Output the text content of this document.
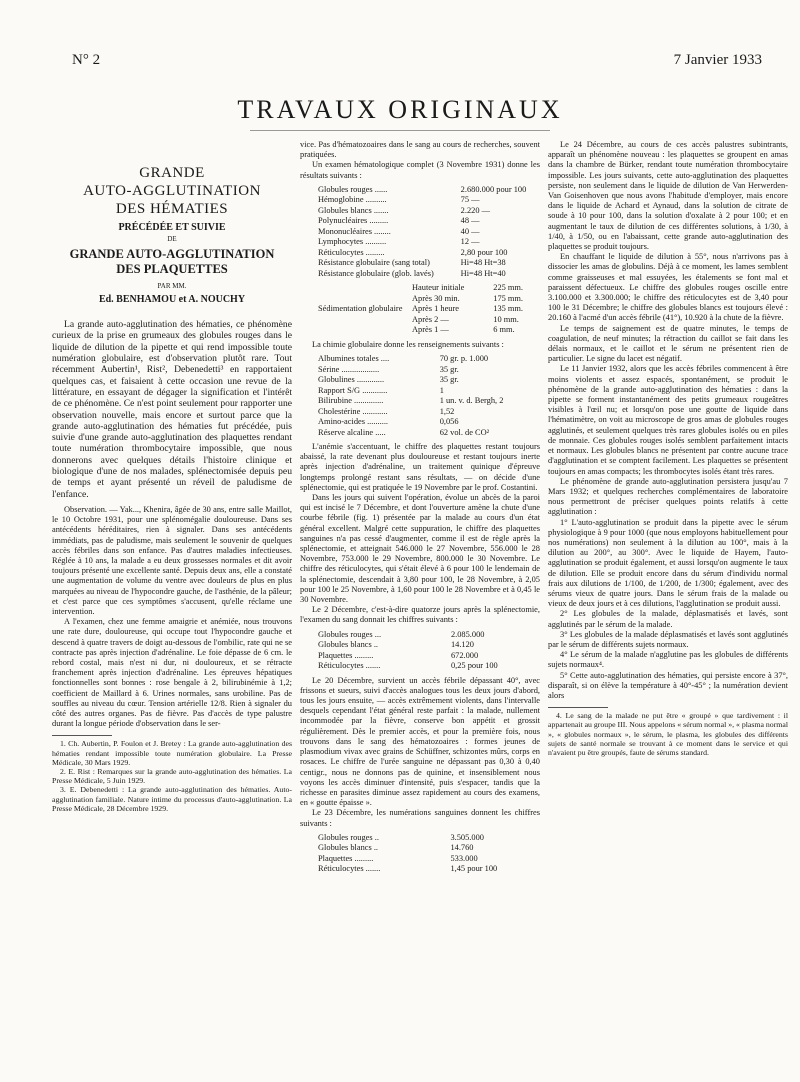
N° 2	7 Janvier 1933
TRAVAUX ORIGINAUX
GRANDE
AUTO-AGGLUTINATION
DES HÉMATIES
PRÉCÉDÉE ET SUIVIE
DE
GRANDE AUTO-AGGLUTINATION
DES PLAQUETTES
PAR MM.
Ed. BENHAMOU et A. NOUCHY

La grande auto-agglutination des hématies, ce phénomène curieux de la prise en grumeaux des globules rouges dans le liquide de dilution de la pipette et qui rend impossible toute numération globulaire, est d'observation plutôt rare. Tout récemment Aubertin¹, Rist², Debenedetti³ en rapportaient quelques cas, et faisaient à cette occasion une revue de la littérature, en essayant de dégager la signification et l'intérêt de ce phénomène. Ce n'est point seulement pour rapporter une observation nouvelle, mais encore et surtout parce que la grande auto-agglutination des hématies fut précédée, puis suivie d'une grande auto-agglutination des plaquettes rendant toute numération thrombocytaire impossible, que nous donnerons avec quelques détails l'histoire clinique et biologique d'une de nos malades, splénectomisée depuis peu de temps et ayant présenté un réveil de paludisme de l'enfance.

Observation. — Yak..., Khenira, âgée de 30 ans, entre salle Maillot, le 10 Octobre 1931, pour une splénomégalie douloureuse. Dans ses antécédents héréditaires, rien à signaler. Dans ses antécédents immédiats, pas de paludisme, mais seulement le souvenir de quelques accès fébriles dans son enfance. Pas d'autres maladies infectieuses. Réglée à 10 ans, la malade a eu deux grossesses normales et dit avoir toujours présenté une excellente santé. Depuis deux ans, elle a constaté une augmentation de volume du ventre avec douleurs de plus en plus marquées au niveau de l'hypocondre gauche, de l'asthénie, de la pâleur; et c'est parce que ces symptômes s'accusent, qu'elle réclame une intervention.

A l'examen, chez une femme amaigrie et anémiée, nous trouvons une rate dure, douloureuse, qui occupe tout l'hypocondre gauche et descend à quatre travers de doigt au-dessous de l'ombilic, rate qui ne se contracte pas après injection d'adrénaline. Le foie dépasse de 6 cm. le rebord costal, mais n'est ni dur, ni douloureux, et se rétracte franchement après injection d'adrénaline. Les épreuves hépatiques fonctionnelles sont bonnes : rose bengale à 2, bilirubinémie à 1,2; coefficient de Maillard à 6. Urines normales, sans urobiline. Pas de souffles au niveau du cœur. Tension artérielle 12/8. Rien à signaler du côté des autres organes. Pas de fièvre. Pas d'accès de type palustre durant la longue période d'observation dans le ser-

1. Ch. Aubertin, P. Foulon et J. Bretey : La grande auto-agglutination des hématies rendant impossible toute numération globulaire. La Presse Médicale, 30 Mars 1929.

2. E. Rist : Remarques sur la grande auto-agglutination des hématies. La Presse Médicale, 5 Juin 1929.

3. E. Debenedetti : La grande auto-agglutination des hématies. Auto-agglutination familiale. Nature intime du processus d'auto-agglutination. La Presse Médicale, 28 Décembre 1929.

vice. Pas d'hématozoaires dans le sang au cours de recherches, souvent pratiquées.

Un examen hématologique complet (3 Novembre 1931) donne les résultats suivants :

Globules rouges ......	2.680.000 pour 100
Hémoglobine ..........	75 —
Globules blancs .......	2.220 —
Polynucléaires .........	48 —
Mononucléaires ........	40 —
Lymphocytes ..........	12 —
Réticulocytes .........	2,80 pour 100
Résistance globulaire (sang total)	Hi=48 Ht=38
Résistance globulaire (glob. lavés)	Hi=48 Ht=40
Sédimentation globulaire	Hauteur initiale	225 mm.
	Après 30 min.	175 mm.
	Après 1 heure	135 mm.
	Après 2 —	10 mm.
	Après 1 —	6 mm.

La chimie globulaire donne les renseignements suivants :

Albumines totales ....	70 gr. p. 1.000
Sérine ..................	35 gr.
Globulines .............	35 gr.
Rapport S/G ............	1
Bilirubine ..............	1 un. v. d. Bergh, 2
Cholestérine ............	1,52
Amino-acides ..........	0,056
Réserve alcaline .....	62 vol. de CO²

L'anémie s'accentuant, le chiffre des plaquettes restant toujours abaissé, la rate devenant plus douloureuse et restant toujours inerte après injection d'adrénaline, un traitement quinique d'épreuve longtemps prolongé restant sans résultats, — on décide d'une splénectomie, qui est pratiquée le 19 Novembre par le prof. Costantini.

Dans les jours qui suivent l'opération, évolue un abcès de la paroi qui est incisé le 7 Décembre, et dont l'ouverture amène la chute d'une courbe fébrile (fig. 1) présentée par la malade au cours d'un état général excellent. Malgré cette suppuration, le chiffre des plaquettes sanguines n'a pas cessé d'augmenter, comme il est de règle après la splénectomie, et atteignait 546.000 le 27 Novembre, 556.000 le 28 Novembre, 753.000 le 29 Novembre, 800.000 le 30 Novembre. Le chiffre des réticulocytes, qui s'était élevé à 6 pour 100 le lendemain de la splénectomie, descendait à 3,80 pour 100, le 28 Novembre, à 2,05 pour 100 le 25 Novembre, à 1,60 pour 100 le 28 Novembre et à 0,45 le 30 Novembre.

Le 2 Décembre, c'est-à-dire quatorze jours après la splénectomie, l'examen du sang donnait les chiffres suivants :

Globules rouges ...	2.085.000
Globules blancs ..	14.120
Plaquettes .........	672.000
Réticulocytes .......	0,25 pour 100

Le 20 Décembre, survient un accès fébrile dépassant 40°, avec frissons et sueurs, suivi d'accès analogues tous les deux jours d'abord, tous les jours ensuite, — accès extrêmement violents, dans l'intervalle desquels cependant l'état général reste parfait : la malade, nullement incommodée par la fièvre, conserve bon appétit et grossit régulièrement. Dès le premier accès, et pour la première fois, nous trouvons dans le sang des hématozoaires : formes jeunes de plasmodium vivax avec grains de Schüffner, schizontes mûrs, corps en rosaces. Le chiffre de l'urée sanguine ne dépassant pas 0,30 à 0,40 centigr., nous ne donnons pas de quinine, et insensiblement nous voyons les accès diminuer d'intensité, puis s'espacer, tandis que la richesse en parasites diminue assez rapidement au cours des examens, en « goutte épaisse ».

Le 23 Décembre, les numérations sanguines donnent les chiffres suivants :

Globules rouges ..	3.505.000
Globules blancs ..	14.760
Plaquettes .........	533.000
Réticulocytes .......	1,45 pour 100

Le 24 Décembre, au cours de ces accès palustres subintrants, apparaît un phénomène nouveau : les plaquettes se groupent en amas dans la chambre de Bürker, rendant toute numération thrombocytaire impossible. Les jours suivants, cette auto-agglutination des plaquettes persiste, non seulement dans le liquide de dilution de Van Herwerden-Van Goisenhoven que nous avons l'habitude d'employer, mais encore dans le liquide de Achard et Aynaud, dans la solution de citrate de soude à 10 pour 100, dans la solution d'oxalate à 2 pour 100; et en augmentant le taux de dilution de ces différentes solutions, à 1/30, à 1/40, à 1/50, ou en l'abaissant, cette grande auto-agglutination des plaquettes se produit toujours.

En chauffant le liquide de dilution à 55°, nous n'arrivons pas à dissocier les amas de globulins. Déjà à ce moment, les lames semblent comme graisseuses et mal essuyées, les étalements se font mal et paraissent défectueux. Le chiffre des globules rouges oscille entre 3.100.000 et 3.300.000; le chiffre des réticulocytes est de 3,40 pour 100 le 31 Décembre; le chiffre des globules blancs est toujours élevé : 20.160 à l'acmé d'un accès fébrile (41°), 10.920 à la chute de la fièvre.

Le temps de saignement est de quatre minutes, le temps de coagulation, de neuf minutes; la rétraction du caillot se fait dans les délais normaux, et le caillot et le sérum ne présentent rien de particulier. Le signe du lacet est négatif.

Le 11 Janvier 1932, alors que les accès fébriles commencent à être moins violents et assez espacés, spontanément, se produit le phénomène de la grande auto-agglutination des hématies : dans la pipette se forment instantanément des petits grumeaux rougeâtres visibles à l'œil nu; et lorsqu'on pose une goutte de liquide dans l'hématimètre, on voit au microscope de gros amas de globules rouges agglutinés, et seulement quelques très rares globules isolés ou en piles de monnaie. Ces globules rouges isolés semblent parfaitement intacts et normaux. Les globules blancs ne présentent par contre aucune trace d'agglutination et se comptent facilement. Les plaquettes se présentent toujours en amas compacts; les thrombocytes isolés étant très rares.

Le phénomène de grande auto-agglutination persistera jusqu'au 7 Mars 1932; et quelques recherches complémentaires de laboratoire nous permettront de préciser quelques points relatifs à cette agglutination :

1° L'auto-agglutination se produit dans la pipette avec le sérum physiologique à 9 pour 1000 (que nous employons habituellement pour nos numérations) non seulement à la dilution au 100°, mais à la dilution au 200°, au 300°. Avec le liquide de Hayem, l'auto-agglutination se produit également, et aussi lorsqu'on augmente le taux de dilution. Elle se produit encore dans du sérum d'individu normal frais aux dilutions de 1/100, de 1/200, de 1/300; également, avec des sérums vieux de quatre jours. Dans le sérum frais de la malade ou vieux de deux jours et à ces dilutions, l'agglutination se produit aussi.

2° Les globules de la malade, déplasmatisés et lavés, sont agglutinés par le sérum de la malade.

3° Les globules de la malade déplasmatisés et lavés sont agglutinés par le sérum de différents sujets normaux.

4° Le sérum de la malade n'agglutine pas les globules de différents sujets normaux⁴.

5° Cette auto-agglutination des hématies, qui persiste encore à 37°, disparaît, si on élève la température à 40°-45° ; la numération devient alors

4. Le sang de la malade ne put être « groupé » que tardivement : il appartenait au groupe III. Nous appelons « sérum normal », « plasma normal », « globules normaux », le sérum, le plasma, les globules des différents sujets de santé normale se trouvant à ce moment dans le service et qui n'avaient pu être groupés, faute de sérums standard.
